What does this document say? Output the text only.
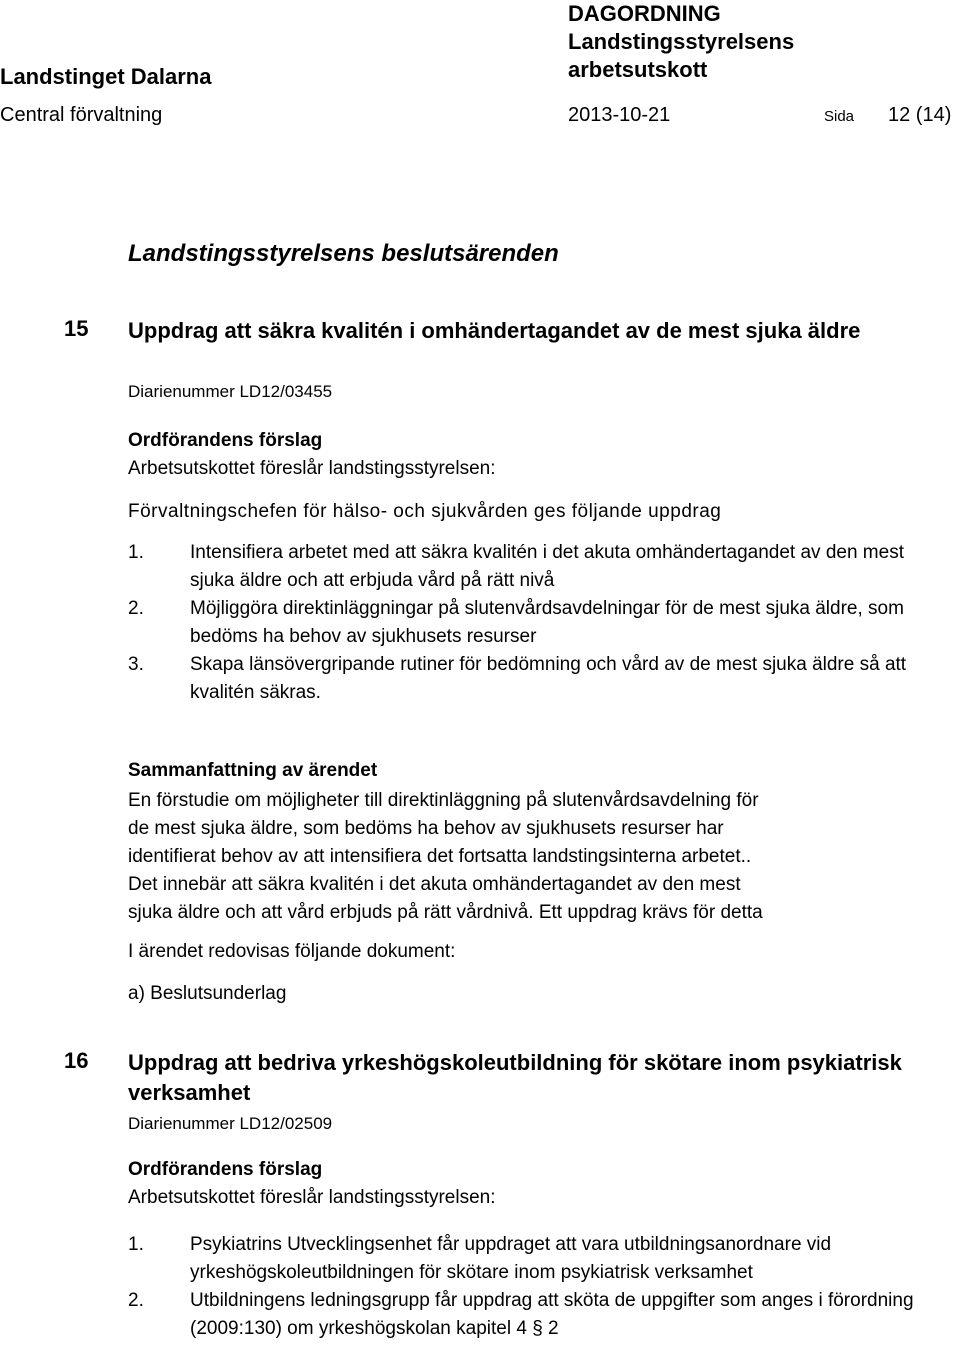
Landstinget Dalarna
DAGORDNING
Landstingsstyrelsens
arbetsutskott
Central förvaltning	2013-10-21	Sida 12 (14)
Landstingsstyrelsens beslutsärenden
15 Uppdrag att säkra kvalitén i omhändertagandet av de mest sjuka äldre
Diarienummer LD12/03455
Ordförandens förslag
Arbetsutskottet föreslår landstingsstyrelsen:
Förvaltningschefen för hälso- och sjukvården ges följande uppdrag
1.	Intensifiera arbetet med att säkra kvalitén i det akuta omhändertagandet av den mest sjuka äldre och att erbjuda vård på rätt nivå
2.	Möjliggöra direktinläggningar på slutenvårdsavdelningar för de mest sjuka äldre, som bedöms ha behov av sjukhusets resurser
3.	Skapa länsövergripande rutiner för bedömning och vård av de mest sjuka äldre så att kvalitén säkras.
Sammanfattning av ärendet
En förstudie om möjligheter till direktinläggning på slutenvårdsavdelning för
de mest sjuka äldre, som bedöms ha behov av sjukhusets resurser har
identifierat behov av att intensifiera det fortsatta landstingsinterna arbetet..
Det innebär att säkra kvalitén i det akuta omhändertagandet av den mest
sjuka äldre och att vård erbjuds på rätt vårdnivå. Ett uppdrag krävs för detta
I ärendet redovisas följande dokument:
a) Beslutsunderlag
16 Uppdrag att bedriva yrkeshögskoleutbildning för skötare inom psykiatrisk verksamhet
Diarienummer LD12/02509
Ordförandens förslag
Arbetsutskottet föreslår landstingsstyrelsen:
1.	Psykiatrins Utvecklingsenhet får uppdraget att vara utbildningsanordnare vid yrkeshögskoleutbildningen för skötare inom psykiatrisk verksamhet
2.	Utbildningens ledningsgrupp får uppdrag att sköta de uppgifter som anges i förordning (2009:130) om yrkeshögskolan kapitel 4 § 2
